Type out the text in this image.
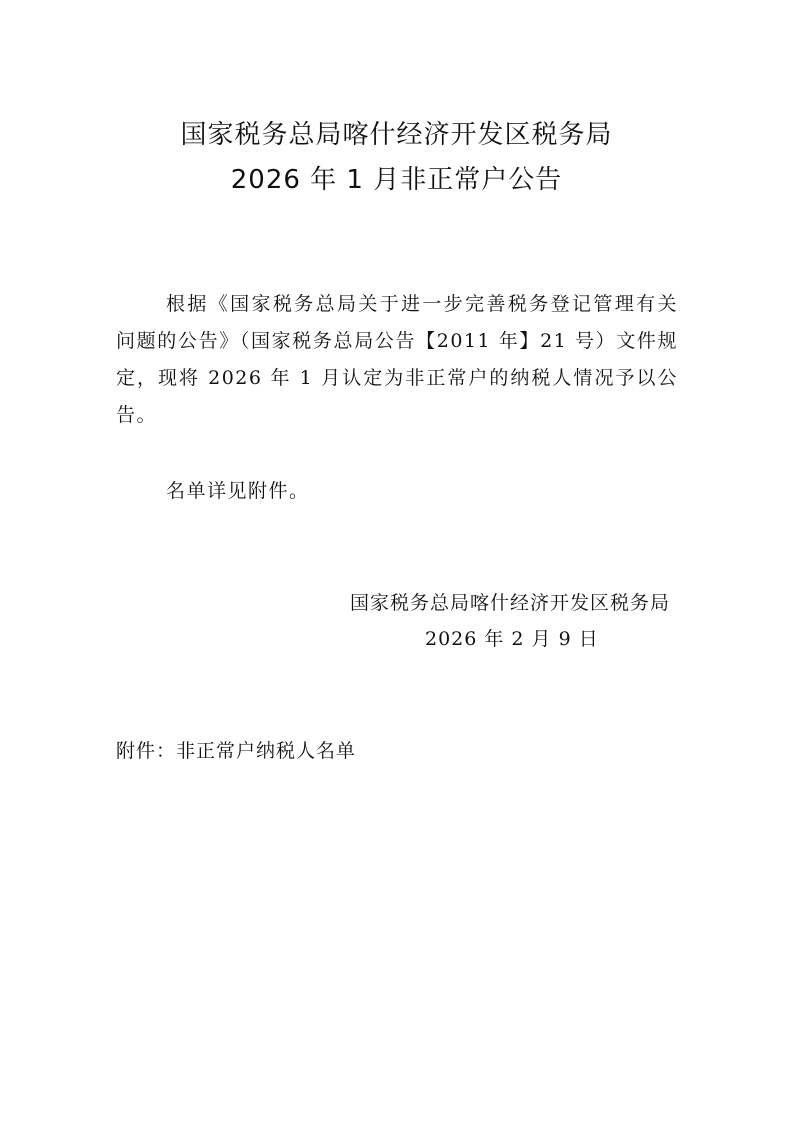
国家税务总局喀什经济开发区税务局
2026 年 1 月非正常户公告
根据《国家税务总局关于进一步完善税务登记管理有关问题的公告》（国家税务总局公告【2011 年】21 号）文件规定，现将 2026 年 1 月认定为非正常户的纳税人情况予以公告。
名单详见附件。
国家税务总局喀什经济开发区税务局
2026 年 2 月 9 日
附件：非正常户纳税人名单
